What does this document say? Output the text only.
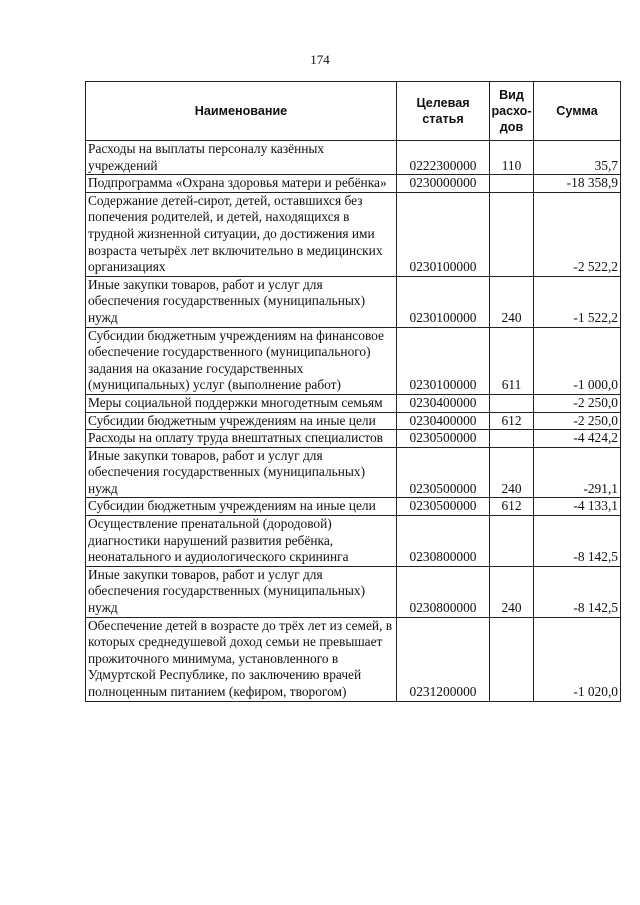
174
Наименование	Целевая статья	Вид расхо-дов	Сумма
Расходы на выплаты персоналу казённых учреждений	0222300000	110	35,7
Подпрограмма «Охрана здоровья матери и ребёнка»	0230000000		-18 358,9
Содержание детей-сирот, детей, оставшихся без попечения родителей, и детей, находящихся в трудной жизненной ситуации, до достижения ими возраста четырёх лет включительно в медицинских организациях	0230100000		-2 522,2
Иные закупки товаров, работ и услуг для обеспечения государственных (муниципальных) нужд	0230100000	240	-1 522,2
Субсидии бюджетным учреждениям на финансовое обеспечение государственного (муниципального) задания на оказание государственных (муниципальных) услуг (выполнение работ)	0230100000	611	-1 000,0
Меры социальной поддержки многодетным семьям	0230400000		-2 250,0
Субсидии бюджетным учреждениям на иные цели	0230400000	612	-2 250,0
Расходы на оплату труда внештатных специалистов	0230500000		-4 424,2
Иные закупки товаров, работ и услуг для обеспечения государственных (муниципальных) нужд	0230500000	240	-291,1
Субсидии бюджетным учреждениям на иные цели	0230500000	612	-4 133,1
Осуществление пренатальной (дородовой) диагностики нарушений развития ребёнка, неонатального и аудиологического скрининга	0230800000		-8 142,5
Иные закупки товаров, работ и услуг для обеспечения государственных (муниципальных) нужд	0230800000	240	-8 142,5
Обеспечение детей в возрасте до трёх лет из семей, в которых среднедушевой доход семьи не превышает прожиточного минимума, установленного в Удмуртской Республике, по заключению врачей полноценным питанием (кефиром, творогом)	0231200000		-1 020,0
